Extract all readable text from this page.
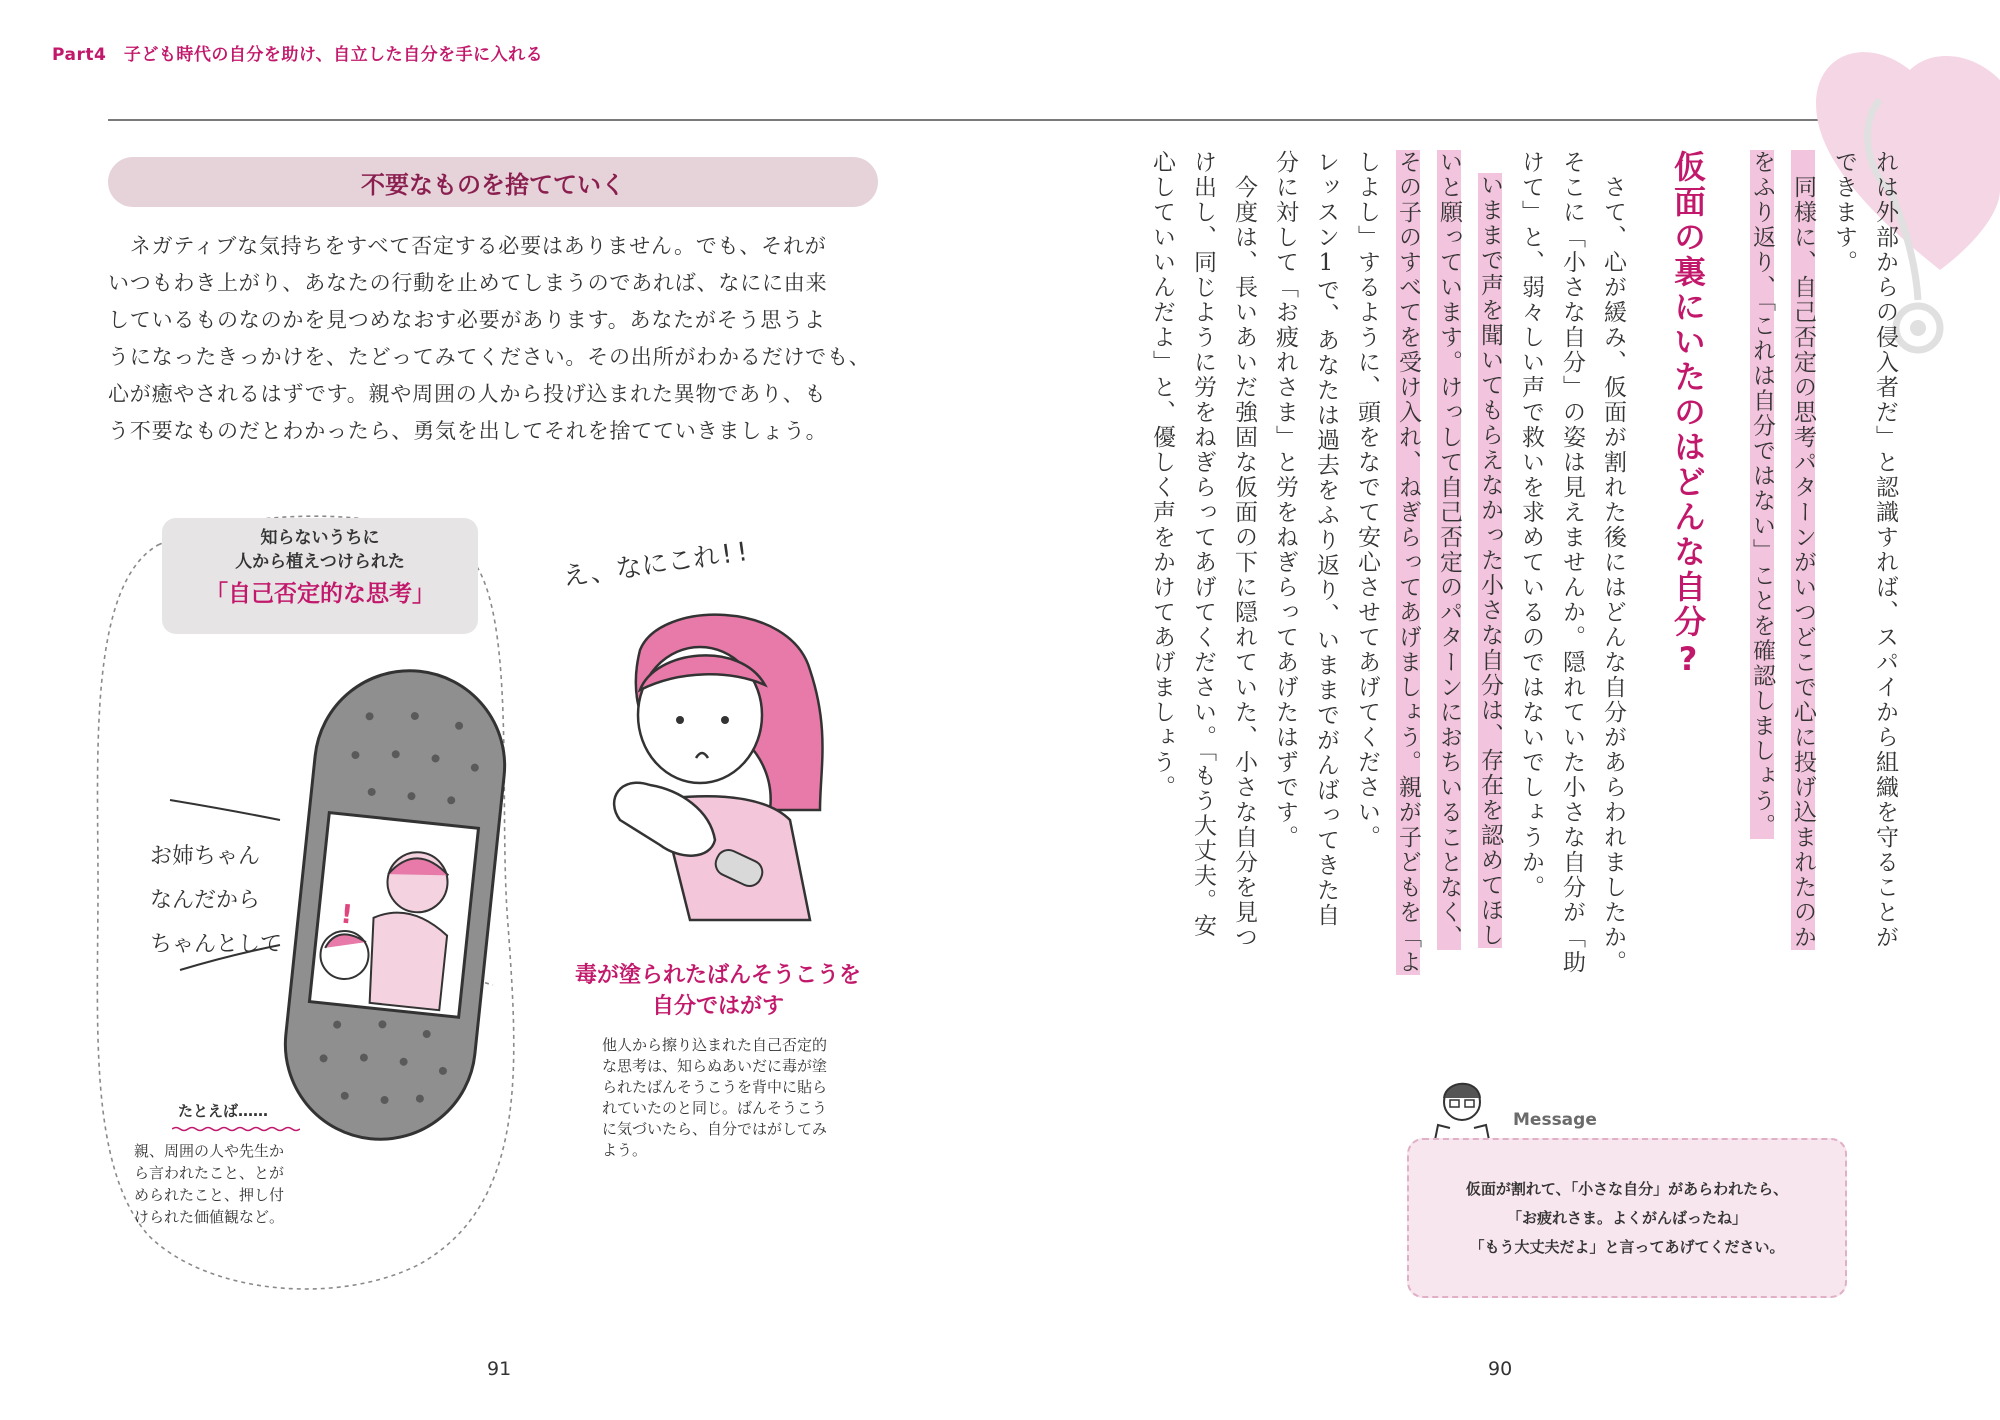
Part4　子ども時代の自分を助け、自立した自分を手に入れる
不要なものを捨てていく
　ネガティブな気持ちをすべて否定する必要はありません。でも、それが
いつもわき上がり、あなたの行動を止めてしまうのであれば、なにに由来
しているものなのかを見つめなおす必要があります。あなたがそう思うよ
うになったきっかけを、たどってみてください。その出所がわかるだけでも、
心が癒やされるはずです。親や周囲の人から投げ込まれた異物であり、も
う不要なものだとわかったら、勇気を出してそれを捨てていきましょう。
知らないうちに
人から植えつけられた
「自己否定的な思考」
え、なにこれ!!
お姉ちゃん
なんだから
ちゃんとして
!
毒が塗られたばんそうこうを
自分ではがす
他人から擦り込まれた自己否定的
な思考は、知らぬあいだに毒が塗
られたばんそうこうを背中に貼ら
れていたのと同じ。ばんそうこう
に気づいたら、自分ではがしてみ
よう。
たとえば……
親、周囲の人や先生か
ら言われたこと、とが
められたこと、押し付
けられた価値観など。
91
れは外部からの侵入者だ」と認識すれば、スパイから組織を守ることが
できます。
　同様に、自己否定の思考パターンがいつどこで心に投げ込まれたのか
をふり返り、「これは自分ではない」ことを確認しましょう。
仮面の裏にいたのはどんな自分?
　さて、心が緩み、仮面が割れた後にはどんな自分があらわれましたか。
そこに「小さな自分」の姿は見えませんか。隠れていた小さな自分が「助
けて」と、弱々しい声で救いを求めているのではないでしょうか。
いままで声を聞いてもらえなかった小さな自分は、存在を認めてほし
いと願っています。けっして自己否定のパターンにおちいることなく、
その子のすべてを受け入れ、ねぎらってあげましょう。親が子どもを「よ
しよし」するように、頭をなでて安心させてあげてください。
レッスン1で、あなたは過去をふり返り、いままでがんばってきた自
分に対して「お疲れさま」と労をねぎらってあげたはずです。
　今度は、長いあいだ強固な仮面の下に隠れていた、小さな自分を見つ
け出し、同じように労をねぎらってあげてください。「もう大丈夫。安
心していいんだよ」と、優しく声をかけてあげましょう。
Message
仮面が割れて、「小さな自分」があらわれたら、
「お疲れさま。よくがんばったね」
「もう大丈夫だよ」と言ってあげてください。
90
